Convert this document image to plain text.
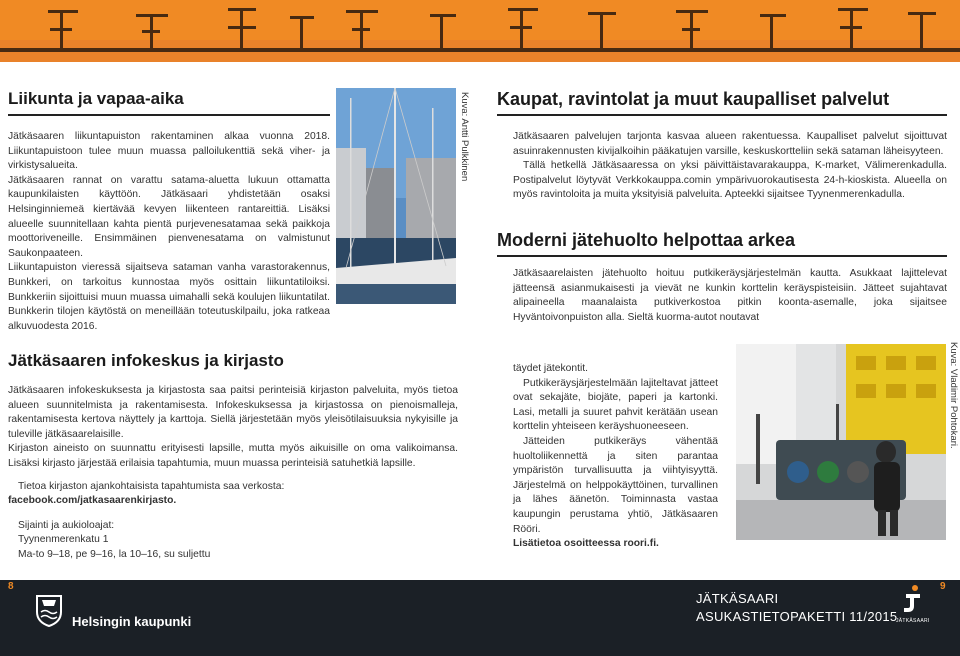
Liikunta ja vapaa-aika

Jätkäsaaren liikuntapuiston rakentaminen alkaa vuonna 2018. Liikuntapuistoon tulee muun muassa palloilukenttiä sekä viher- ja virkistysalueita.

Jätkäsaaren rannat on varattu satama-aluetta lukuun ottamatta kaupunkilaisten käyttöön. Jätkäsaari yhdistetään osaksi Helsinginniemeä kiertävää kevyen liikenteen rantareittiä. Lisäksi alueelle suunnitellaan kahta pientä purjevenesatamaa sekä paikkoja moottoriveneille. Ensimmäinen pienvenesatama on valmistunut Saukonpaateen.

Liikuntapuiston vieressä sijaitseva sataman vanha varastorakennus, Bunkkeri, on tarkoitus kunnostaa myös osittain liikuntatiloiksi. Bunkkeriin sijoittuisi muun muassa uimahalli sekä koulujen liikuntatilat. Bunkkerin tilojen käytöstä on meneillään toteutuskilpailu, joka ratkeaa alkuvuodesta 2016.

Jätkäsaaren infokeskus ja kirjasto

Jätkäsaaren infokeskuksesta ja kirjastosta saa paitsi perinteisiä kirjaston palveluita, myös tietoa alueen suunnitelmista ja rakentamisesta. Infokeskuksessa ja kirjastossa on pienoismalleja, rakentamisesta kertova näyttely ja karttoja. Siellä järjestetään myös yleisötilaisuuksia nykyisille ja tuleville jätkäsaarelaisille.

Kirjaston aineisto on suunnattu erityisesti lapsille, mutta myös aikuisille on oma valikoimansa. Lisäksi kirjasto järjestää erilaisia tapahtumia, muun muassa perinteisiä satuhetkiä lapsille.

Tietoa kirjaston ajankohtaisista tapahtumista saa verkosta:

facebook.com/jatkasaarenkirjasto.

Sijainti ja aukioloajat:

Tyynenmerenkatu 1

Ma-to 9–18, pe 9–16, la 10–16, su suljettu

Kuva: Antti Pulkkinen Kaupat, ravintolat ja muut kaupalliset palvelut

Jätkäsaaren palvelujen tarjonta kasvaa alueen rakentuessa. Kaupalliset palvelut sijoittuvat asuinrakennusten kivijalkoihin pääkatujen varsille, keskuskortteliin sekä sataman läheisyyteen.

Tällä hetkellä Jätkäsaaressa on yksi päivittäistavarakauppa, K-market, Välimerenkadulla. Postipalvelut löytyvät Verkkokauppa.comin ympärivuorokautisesta 24-h-kioskista. Alueella on myös ravintoloita ja muita yksityisiä palveluita. Apteekki sijaitsee Tyynenmerenkadulla.

Moderni jätehuolto helpottaa arkea

Jätkäsaarelaisten jätehuolto hoituu putkikeräysjärjestelmän kautta. Asukkaat lajittelevat jätteensä asianmukaisesti ja vievät ne kunkin korttelin keräyspisteisiin. Jätteet sujahtavat alipaineella maanalaista putkiverkostoa pitkin koonta-asemalle, joka sijaitsee Hyväntoivonpuiston alla. Sieltä kuorma-autot noutavat

täydet jätekontit.

Putkikeräysjärjestelmään lajiteltavat jätteet ovat sekajäte, biojäte, paperi ja kartonki. Lasi, metalli ja suuret pahvit kerätään usean korttelin yhteiseen keräyshuoneeseen.

Jätteiden putkikeräys vähentää huoltoliikennettä ja siten parantaa ympäristön turvallisuutta ja viihtyisyyttä. Järjestelmä on helppokäyttöinen, turvallinen ja lähes äänetön. Toiminnasta vastaa kaupungin perustama yhtiö, Jätkäsaaren Rööri.

Lisätietoa osoitteessa roori.fi.

Kuva: Vladimir Pohtokari.
8	9
Helsingin kaupunki
JÄTKÄSAARI
ASUKASTIETOPAKETTI 11/2015
JÄTKÄSAARI
